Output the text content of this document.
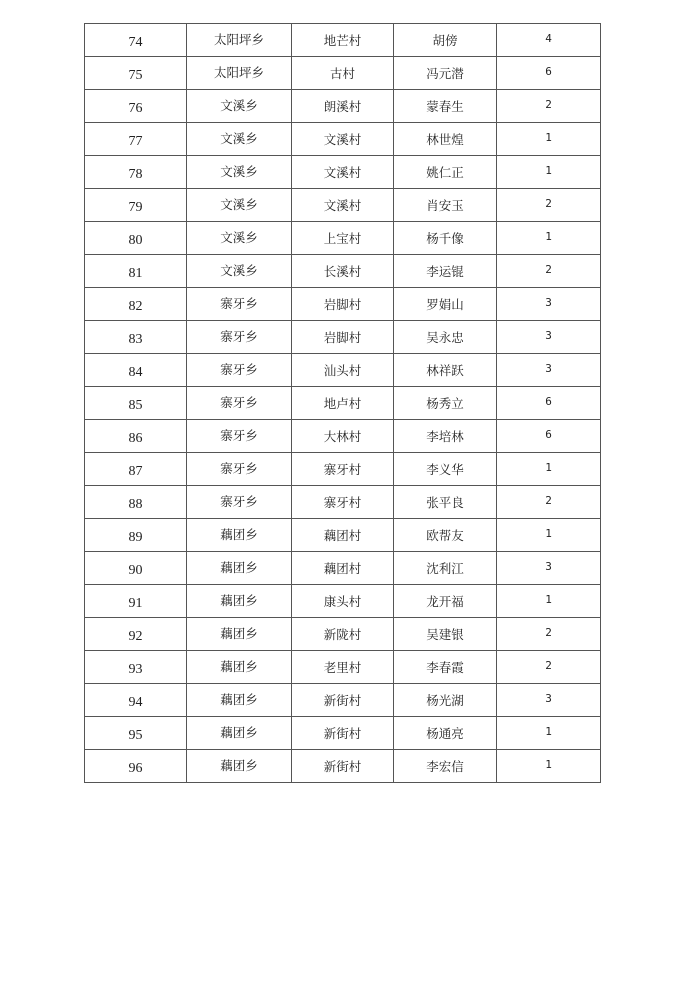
74	太阳坪乡	地芒村	胡傍	4
75	太阳坪乡	古村	冯元潜	6
76	文溪乡	朗溪村	蒙春生	2
77	文溪乡	文溪村	林世煌	1
78	文溪乡	文溪村	姚仁正	1
79	文溪乡	文溪村	肖安玉	2
80	文溪乡	上宝村	杨千像	1
81	文溪乡	长溪村	李运锟	2
82	寨牙乡	岩脚村	罗娟山	3
83	寨牙乡	岩脚村	吴永忠	3
84	寨牙乡	汕头村	林祥跃	3
85	寨牙乡	地卢村	杨秀立	6
86	寨牙乡	大林村	李培林	6
87	寨牙乡	寨牙村	李义华	1
88	寨牙乡	寨牙村	张平良	2
89	藕团乡	藕团村	欧帮友	1
90	藕团乡	藕团村	沈利江	3
91	藕团乡	康头村	龙开福	1
92	藕团乡	新陇村	吴建银	2
93	藕团乡	老里村	李春霞	2
94	藕团乡	新街村	杨光湖	3
95	藕团乡	新街村	杨通亮	1
96	藕团乡	新街村	李宏信	1
